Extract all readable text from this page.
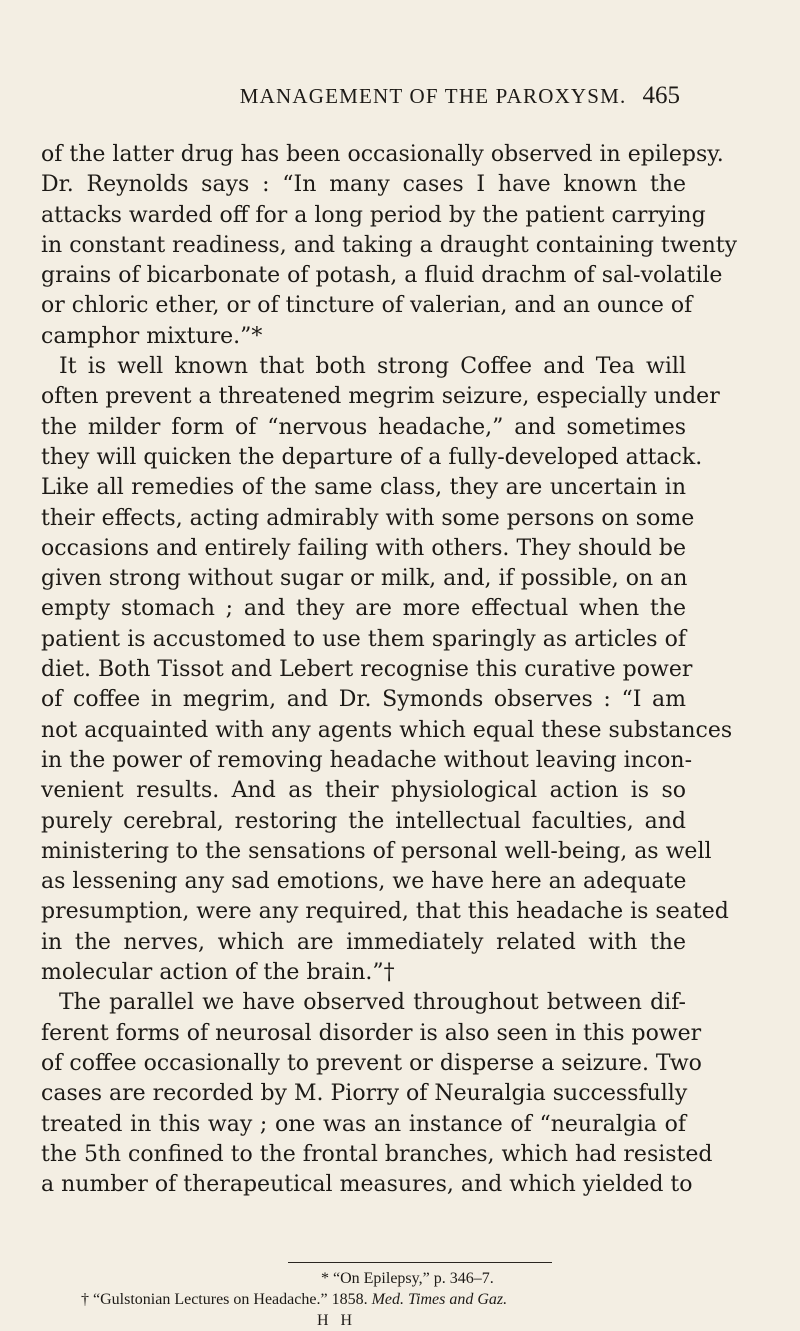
MANAGEMENT OF THE PAROXYSM. 465
of the latter drug has been occasionally observed in epilepsy.
Dr. Reynolds says : “In many cases I have known the
attacks warded off for a long period by the patient carrying
in constant readiness, and taking a draught containing twenty
grains of bicarbonate of potash, a fluid drachm of sal-volatile
or chloric ether, or of tincture of valerian, and an ounce of
camphor mixture.”*
It is well known that both strong Coffee and Tea will
often prevent a threatened megrim seizure, especially under
the milder form of “nervous headache,” and sometimes
they will quicken the departure of a fully-developed attack.
Like all remedies of the same class, they are uncertain in
their effects, acting admirably with some persons on some
occasions and entirely failing with others. They should be
given strong without sugar or milk, and, if possible, on an
empty stomach ; and they are more effectual when the
patient is accustomed to use them sparingly as articles of
diet. Both Tissot and Lebert recognise this curative power
of coffee in megrim, and Dr. Symonds observes : “I am
not acquainted with any agents which equal these substances
in the power of removing headache without leaving incon-
venient results. And as their physiological action is so
purely cerebral, restoring the intellectual faculties, and
ministering to the sensations of personal well-being, as well
as lessening any sad emotions, we have here an adequate
presumption, were any required, that this headache is seated
in the nerves, which are immediately related with the
molecular action of the brain.”†
The parallel we have observed throughout between dif-
ferent forms of neurosal disorder is also seen in this power
of coffee occasionally to prevent or disperse a seizure. Two
cases are recorded by M. Piorry of Neuralgia successfully
treated in this way ; one was an instance of “neuralgia of
the 5th confined to the frontal branches, which had resisted
a number of therapeutical measures, and which yielded to
* “On Epilepsy,” p. 346–7.
† “Gulstonian Lectures on Headache.” 1858. Med. Times and Gaz.
H H
